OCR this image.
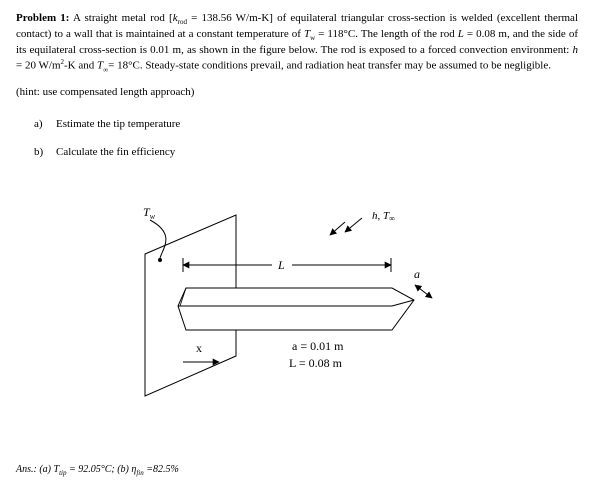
Problem 1: A straight metal rod [$k_{rod} = 138.56$ W/m-K] of equilateral triangular cross-section is welded (excellent thermal contact) to a wall that is maintained at a constant temperature of $T_w = 118^\circ C$. The length of the rod L = 0.08 m, and the side of its equilateral cross-section is 0.01 m, as shown in the figure below. The rod is exposed to a forced convection environment: h = 20 $W/m^2-K$ and $T_\infty= 18^\circ C$. Steady-state conditions prevail, and radiation heat transfer may be assumed to be negligible.

(hint: use compensated length approach)
a) Estimate the tip temperature
b) Calculate the fin efficiency
$T_w$
L
a
h, T∞
x	a = 0.01 m
L = 0.08 m
Ans.: (a) $T_{tip} = 92.05^\circ C$; (b) $\eta_{fin} =82.5\%$
